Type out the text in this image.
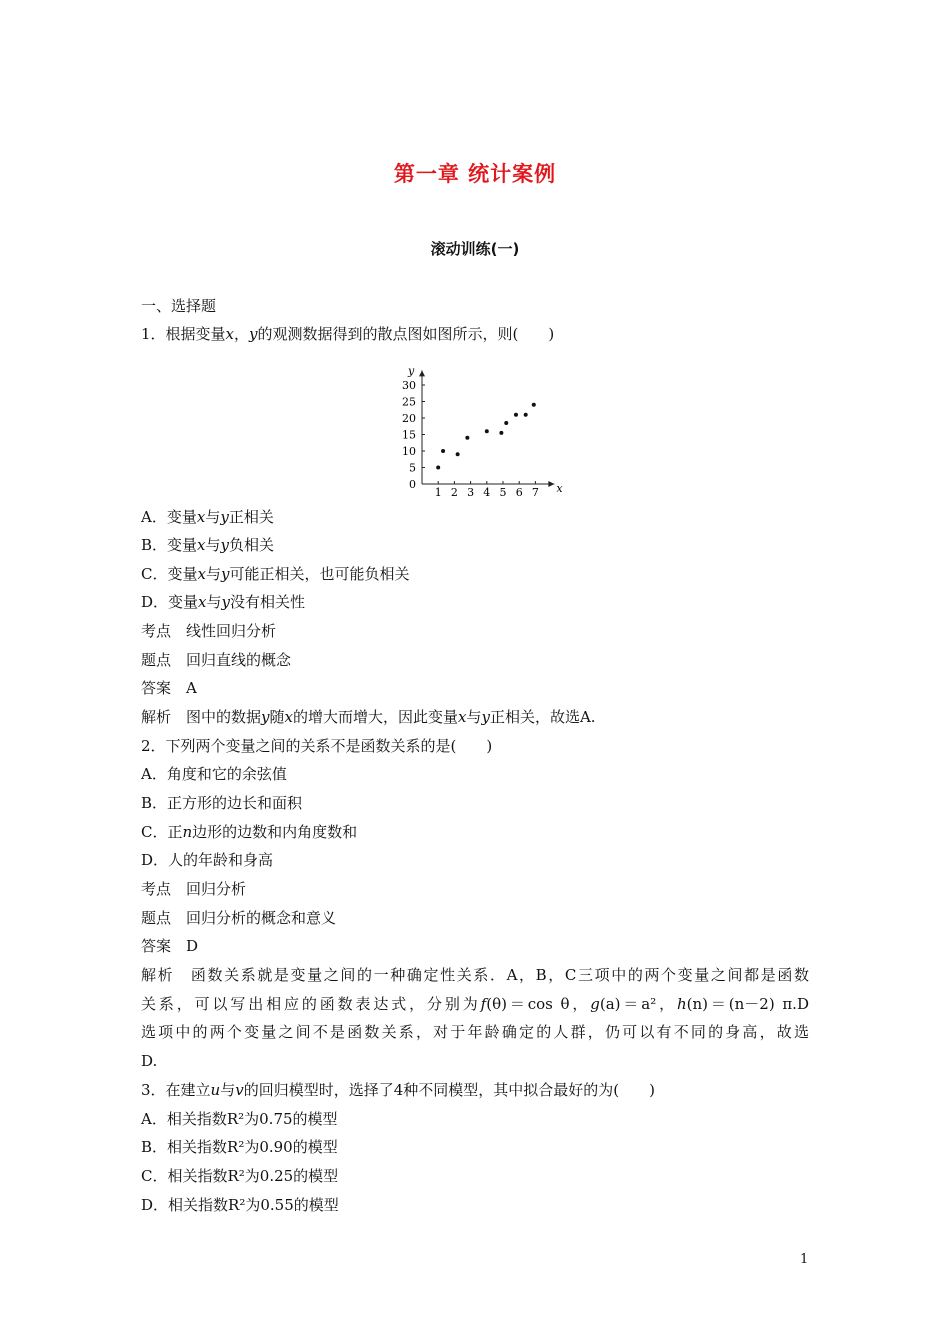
第一章 统计案例
滚动训练(一)
一、选择题
1．根据变量x，y的观测数据得到的散点图如图所示，则(　　)
x
y
1 2 3 4 5 6 7
0
5
10
15
20
25
30
A．变量x与y正相关
B．变量x与y负相关
C．变量x与y可能正相关，也可能负相关
D．变量x与y没有相关性
考点　线性回归分析
题点　回归直线的概念
答案　A
解析　图中的数据y随x的增大而增大，因此变量x与y正相关，故选A.
2．下列两个变量之间的关系不是函数关系的是(　　)
A．角度和它的余弦值
B．正方形的边长和面积
C．正n边形的边数和内角度数和
D．人的年龄和身高
考点　回归分析
题点　回归分析的概念和意义
答案　D
解析　函数关系就是变量之间的一种确定性关系．A，B，C三项中的两个变量之间都是函数
关系，可以写出相应的函数表达式，分别为f(θ)＝cos θ，g(a)＝a²，h(n)＝(n－2) π.D
选项中的两个变量之间不是函数关系，对于年龄确定的人群，仍可以有不同的身高，故选
D.
3．在建立u与v的回归模型时，选择了4种不同模型，其中拟合最好的为(　　)
A．相关指数R²为0.75的模型
B．相关指数R²为0.90的模型
C．相关指数R²为0.25的模型
D．相关指数R²为0.55的模型
1
